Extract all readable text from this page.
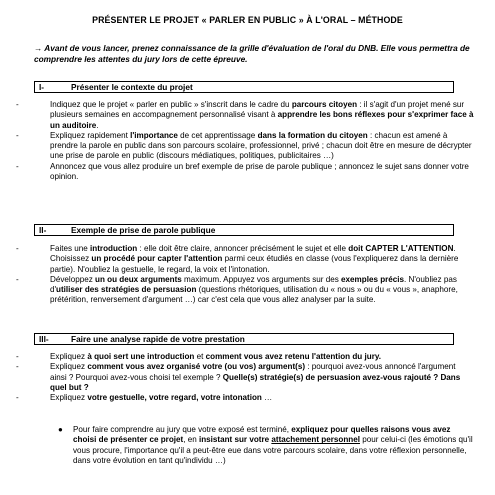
PRÉSENTER LE PROJET « PARLER EN PUBLIC » À L'ORAL – MÉTHODE
→ Avant de vous lancer, prenez connaissance de la grille d'évaluation de l'oral du DNB. Elle vous permettra de comprendre les attentes du jury lors de cette épreuve.
I-	Présenter le contexte du projet
-	Indiquez que le projet « parler en public » s'inscrit dans le cadre du parcours citoyen : il s'agit d'un projet mené sur plusieurs semaines en accompagnement personnalisé visant à apprendre les bons réflexes pour s'exprimer face à un auditoire.

-	Expliquez rapidement l'importance de cet apprentissage dans la formation du citoyen : chacun est amené à prendre la parole en public dans son parcours scolaire, professionnel, privé ; chacun doit être en mesure de décrypter une prise de parole en public (discours médiatiques, politiques, publicitaires …)

-	Annoncez que vous allez produire un bref exemple de prise de parole publique ; annoncez le sujet sans donner votre opinion.

II-	Exemple de prise de parole publique
-	Faites une introduction : elle doit être claire, annoncer précisément le sujet et elle doit CAPTER L'ATTENTION. Choisissez un procédé pour capter l'attention parmi ceux étudiés en classe (vous l'expliquerez dans la dernière partie). N'oubliez la gestuelle, le regard, la voix et l'intonation.

-	Développez un ou deux arguments maximum. Appuyez vos arguments sur des exemples précis. N'oubliez pas d'utiliser des stratégies de persuasion (questions rhétoriques, utilisation du « nous » ou du « vous », anaphore, prétérition, renversement d'argument …) car c'est cela que vous allez analyser par la suite.

III-	Faire une analyse rapide de votre prestation
-	Expliquez à quoi sert une introduction et comment vous avez retenu l'attention du jury.

-	Expliquez comment vous avez organisé votre (ou vos) argument(s) : pourquoi avez-vous annoncé l'argument ainsi ? Pourquoi avez-vous choisi tel exemple ? Quelle(s) stratégie(s) de persuasion avez-vous rajouté ? Dans quel but ?

-	Expliquez votre gestuelle, votre regard, votre intonation …

● Pour faire comprendre au jury que votre exposé est terminé, expliquez pour quelles raisons vous avez choisi de présenter ce projet, en insistant sur votre attachement personnel pour celui-ci (les émotions qu'il vous procure, l'importance qu'il a peut-être eue dans votre parcours scolaire, dans votre réflexion personnelle, dans votre évolution en tant qu'individu …)
